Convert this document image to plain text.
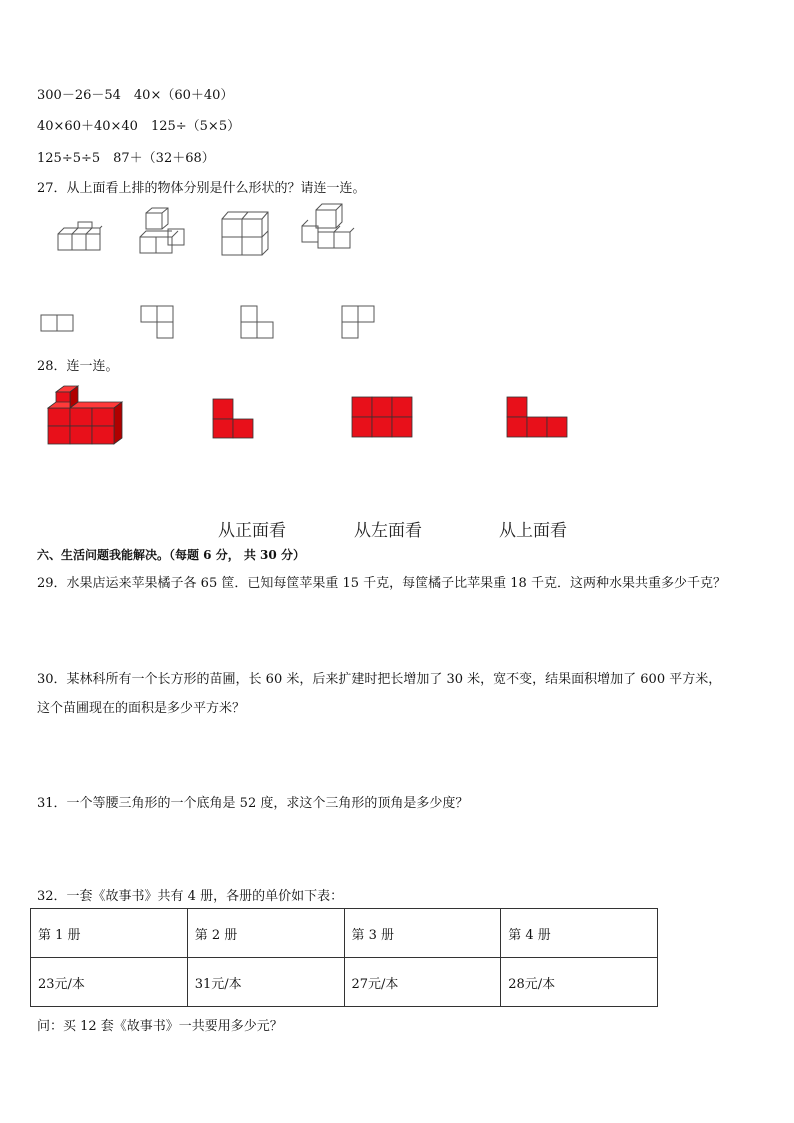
300－26－54　40×（60＋40）
40×60＋40×40　125÷（5×5）
125÷5÷5　87＋（32＋68）
27．从上面看上排的物体分别是什么形状的？请连一连。
28．连一连。
从正面看	从左面看	从上面看
六、生活问题我能解决。（每题 6 分， 共 30 分）
29．水果店运来苹果橘子各 65 筐．已知每筐苹果重 15 千克，每筐橘子比苹果重 18 千克．这两种水果共重多少千克？
30．某林科所有一个长方形的苗圃，长 60 米，后来扩建时把长增加了 30 米，宽不变，结果面积增加了 600 平方米，
这个苗圃现在的面积是多少平方米？
31．一个等腰三角形的一个底角是 52 度，求这个三角形的顶角是多少度？
32．一套《故事书》共有 4 册，各册的单价如下表：
第 1 册	第 2 册	第 3 册	第 4 册
23元/本	31元/本	27元/本	28元/本
问：买 12 套《故事书》一共要用多少元？
